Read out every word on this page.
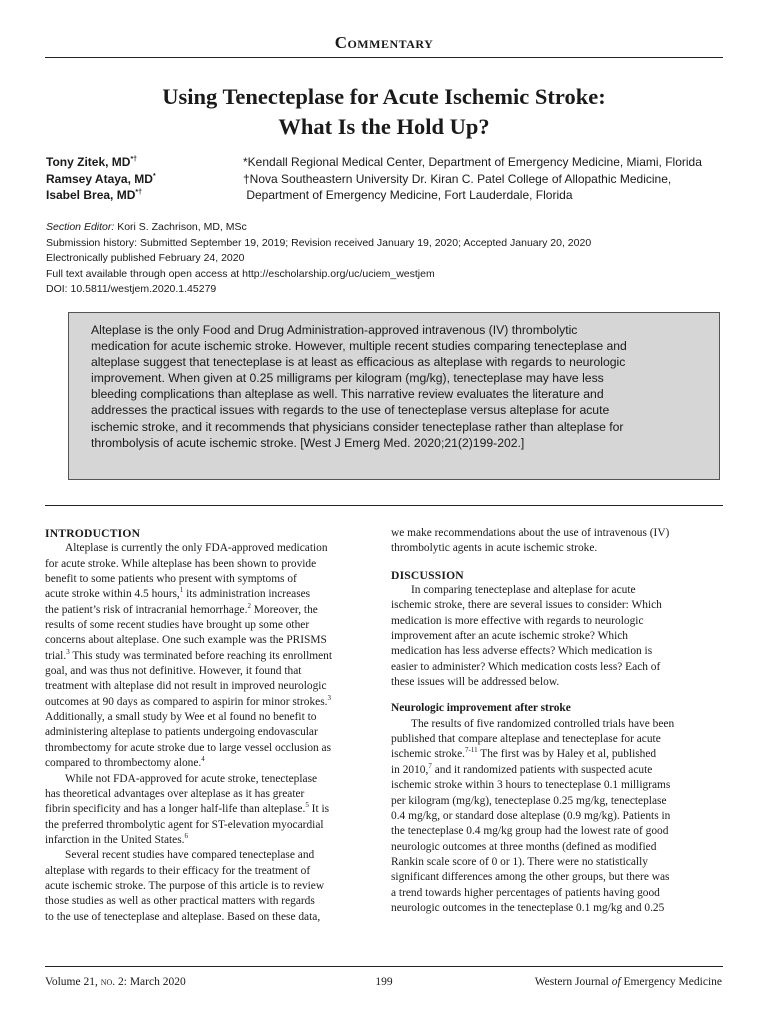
Commentary
Using Tenecteplase for Acute Ischemic Stroke:
What Is the Hold Up?
Tony Zitek, MD*†
Ramsey Ataya, MD*
Isabel Brea, MD*†
*Kendall Regional Medical Center, Department of Emergency Medicine, Miami, Florida
†Nova Southeastern University Dr. Kiran C. Patel College of Allopathic Medicine,
Department of Emergency Medicine, Fort Lauderdale, Florida
Section Editor: Kori S. Zachrison, MD, MSc
Submission history: Submitted September 19, 2019; Revision received January 19, 2020; Accepted January 20, 2020
Electronically published February 24, 2020
Full text available through open access at http://escholarship.org/uc/uciem_westjem
DOI: 10.5811/westjem.2020.1.45279
Alteplase is the only Food and Drug Administration-approved intravenous (IV) thrombolytic
medication for acute ischemic stroke. However, multiple recent studies comparing tenecteplase and
alteplase suggest that tenecteplase is at least as efficacious as alteplase with regards to neurologic
improvement. When given at 0.25 milligrams per kilogram (mg/kg), tenecteplase may have less
bleeding complications than alteplase as well. This narrative review evaluates the literature and
addresses the practical issues with regards to the use of tenecteplase versus alteplase for acute
ischemic stroke, and it recommends that physicians consider tenecteplase rather than alteplase for
thrombolysis of acute ischemic stroke. [West J Emerg Med. 2020;21(2)199-202.]
INTRODUCTION
Alteplase is currently the only FDA-approved medication
for acute stroke. While alteplase has been shown to provide
benefit to some patients who present with symptoms of
acute stroke within 4.5 hours,$^1$ its administration increases
the patient’s risk of intracranial hemorrhage.$^2$ Moreover, the
results of some recent studies have brought up some other
concerns about alteplase. One such example was the PRISMS
trial.$^3$ This study was terminated before reaching its enrollment
goal, and was thus not definitive. However, it found that
treatment with alteplase did not result in improved neurologic
outcomes at 90 days as compared to aspirin for minor strokes.$^3$
Additionally, a small study by Wee et al found no benefit to
administering alteplase to patients undergoing endovascular
thrombectomy for acute stroke due to large vessel occlusion as
compared to thrombectomy alone.$^4$
While not FDA-approved for acute stroke, tenecteplase
has theoretical advantages over alteplase as it has greater
fibrin specificity and has a longer half-life than alteplase.$^5$ It is
the preferred thrombolytic agent for ST-elevation myocardial
infarction in the United States.$^6$
Several recent studies have compared tenecteplase and
alteplase with regards to their efficacy for the treatment of
acute ischemic stroke. The purpose of this article is to review
those studies as well as other practical matters with regards
to the use of tenecteplase and alteplase. Based on these data,
we make recommendations about the use of intravenous (IV)
thrombolytic agents in acute ischemic stroke.
DISCUSSION
In comparing tenecteplase and alteplase for acute
ischemic stroke, there are several issues to consider: Which
medication is more effective with regards to neurologic
improvement after an acute ischemic stroke? Which
medication has less adverse effects? Which medication is
easier to administer? Which medication costs less? Each of
these issues will be addressed below.
Neurologic improvement after stroke
The results of five randomized controlled trials have been
published that compare alteplase and tenecteplase for acute
ischemic stroke.$^{7-11}$ The first was by Haley et al, published
in 2010,$^7$ and it randomized patients with suspected acute
ischemic stroke within 3 hours to tenecteplase 0.1 milligrams
per kilogram (mg/kg), tenecteplase 0.25 mg/kg, tenecteplase
0.4 mg/kg, or standard dose alteplase (0.9 mg/kg). Patients in
the tenecteplase 0.4 mg/kg group had the lowest rate of good
neurologic outcomes at three months (defined as modified
Rankin scale score of 0 or 1). There were no statistically
significant differences among the other groups, but there was
a trend towards higher percentages of patients having good
neurologic outcomes in the tenecteplase 0.1 mg/kg and 0.25
Volume 21, no. 2: March 2020	199	Western Journal of Emergency Medicine
